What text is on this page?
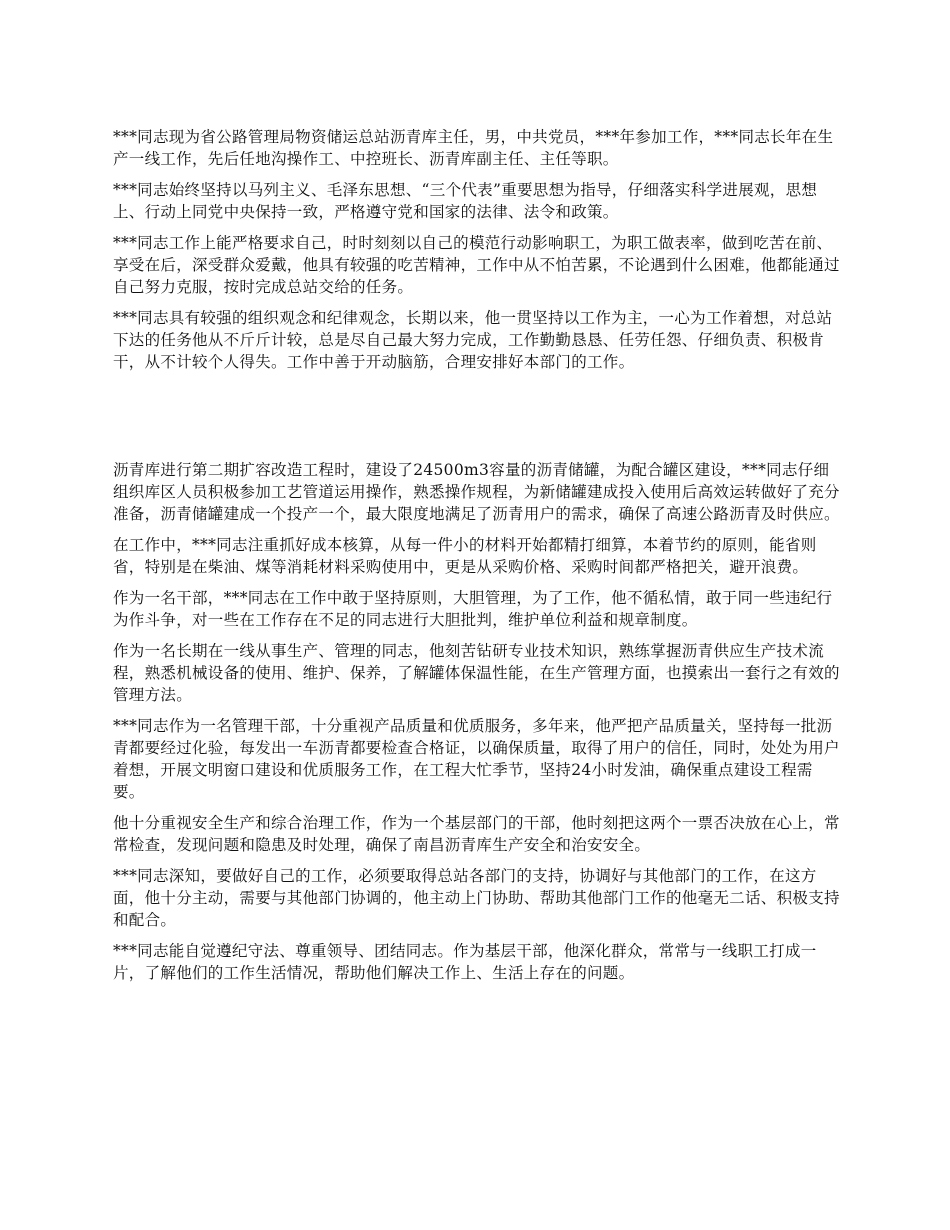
***同志现为省公路管理局物资储运总站沥青库主任，男，中共党员，***年参加工作，***同志长年在生产一线工作，先后任地沟操作工、中控班长、沥青库副主任、主任等职。

***同志始终坚持以马列主义、毛泽东思想、“三个代表”重要思想为指导，仔细落实科学进展观，思想上、行动上同党中央保持一致，严格遵守党和国家的法律、法令和政策。

***同志工作上能严格要求自己，时时刻刻以自己的模范行动影响职工，为职工做表率，做到吃苦在前、享受在后，深受群众爱戴，他具有较强的吃苦精神，工作中从不怕苦累，不论遇到什么困难，他都能通过自己努力克服，按时完成总站交给的任务。

***同志具有较强的组织观念和纪律观念，长期以来，他一贯坚持以工作为主，一心为工作着想，对总站下达的任务他从不斤斤计较，总是尽自己最大努力完成，工作勤勤恳恳、任劳任怨、仔细负责、积极肯干，从不计较个人得失。工作中善于开动脑筋，合理安排好本部门的工作。

沥青库进行第二期扩容改造工程时，建设了24500m3容量的沥青储罐，为配合罐区建设，***同志仔细组织库区人员积极参加工艺管道运用操作，熟悉操作规程，为新储罐建成投入使用后高效运转做好了充分准备，沥青储罐建成一个投产一个，最大限度地满足了沥青用户的需求，确保了高速公路沥青及时供应。

在工作中，***同志注重抓好成本核算，从每一件小的材料开始都精打细算，本着节约的原则，能省则省，特别是在柴油、煤等消耗材料采购使用中，更是从采购价格、采购时间都严格把关，避开浪费。

作为一名干部，***同志在工作中敢于坚持原则，大胆管理，为了工作，他不循私情，敢于同一些违纪行为作斗争，对一些在工作存在不足的同志进行大胆批判，维护单位利益和规章制度。

作为一名长期在一线从事生产、管理的同志，他刻苦钻研专业技术知识，熟练掌握沥青供应生产技术流程，熟悉机械设备的使用、维护、保养，了解罐体保温性能，在生产管理方面，也摸索出一套行之有效的管理方法。

***同志作为一名管理干部，十分重视产品质量和优质服务，多年来，他严把产品质量关，坚持每一批沥青都要经过化验，每发出一车沥青都要检查合格证，以确保质量，取得了用户的信任，同时，处处为用户着想，开展文明窗口建设和优质服务工作，在工程大忙季节，坚持24小时发油，确保重点建设工程需要。

他十分重视安全生产和综合治理工作，作为一个基层部门的干部，他时刻把这两个一票否决放在心上，常常检查，发现问题和隐患及时处理，确保了南昌沥青库生产安全和治安安全。

***同志深知，要做好自己的工作，必须要取得总站各部门的支持，协调好与其他部门的工作，在这方面，他十分主动，需要与其他部门协调的，他主动上门协助、帮助其他部门工作的他毫无二话、积极支持和配合。

***同志能自觉遵纪守法、尊重领导、团结同志。作为基层干部，他深化群众，常常与一线职工打成一片，了解他们的工作生活情况，帮助他们解决工作上、生活上存在的问题。
